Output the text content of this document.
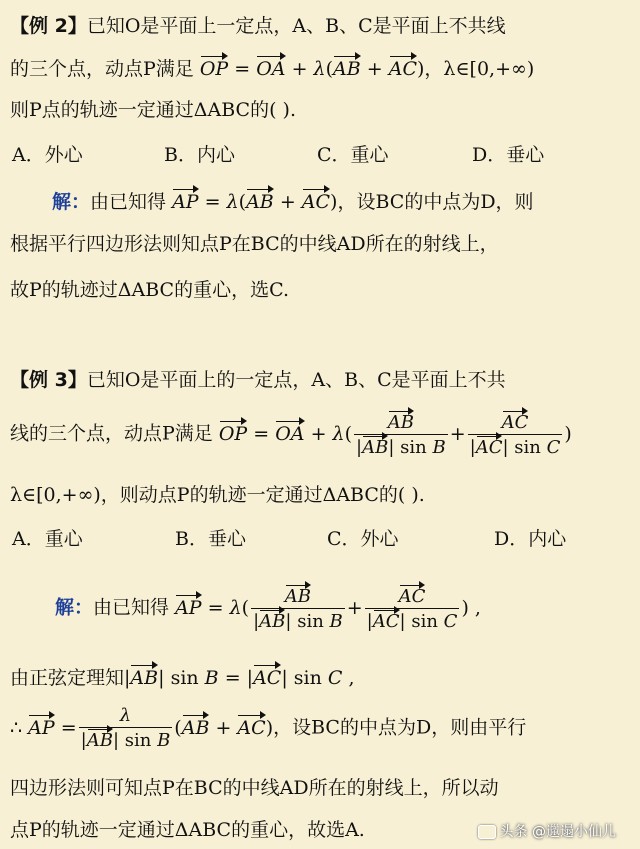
【例 2】已知O是平面上一定点，A、B、C是平面上不共线
的三个点，动点P满足 OP = OA + λ(AB + AC)，λ∈[0,+∞)
则P点的轨迹一定通过ΔABC的( ).
A．外心	B．内心	C．重心	D．垂心
解：由已知得 AP = λ(AB + AC)，设BC的中点为D，则
根据平行四边形法则知点P在BC的中线AD所在的射线上，
故P的轨迹过ΔABC的重心，选C.
【例 3】已知O是平面上的一定点，A、B、C是平面上不共
线的三个点，动点P满足 OP = OA + $\lambda( \frac{AB}{\text{|AB| sin B}} + \frac{AC}{\text{|AC| sin C}}$ )
λ∈[0,+∞)，则动点P的轨迹一定通过ΔABC的( ).
A．重心	B．垂心	C．外心	D．内心
解：由已知得 AP = $\lambda( \frac{AB}{\text{|AB| sin B}} + \frac{AC}{\text{|AC| sin C}}$ ) ,
由正弦定理知|AB| sin B = |AC| sin C ,
∴ AP = $\frac{\lambda}{\text{|AB| sin B}} (AB + AC)$，设BC的中点为D，则由平行
四边形法则可知点P在BC的中线AD所在的射线上，所以动
点P的轨迹一定通过ΔABC的重心，故选A.	头条 @邋遢小仙儿
